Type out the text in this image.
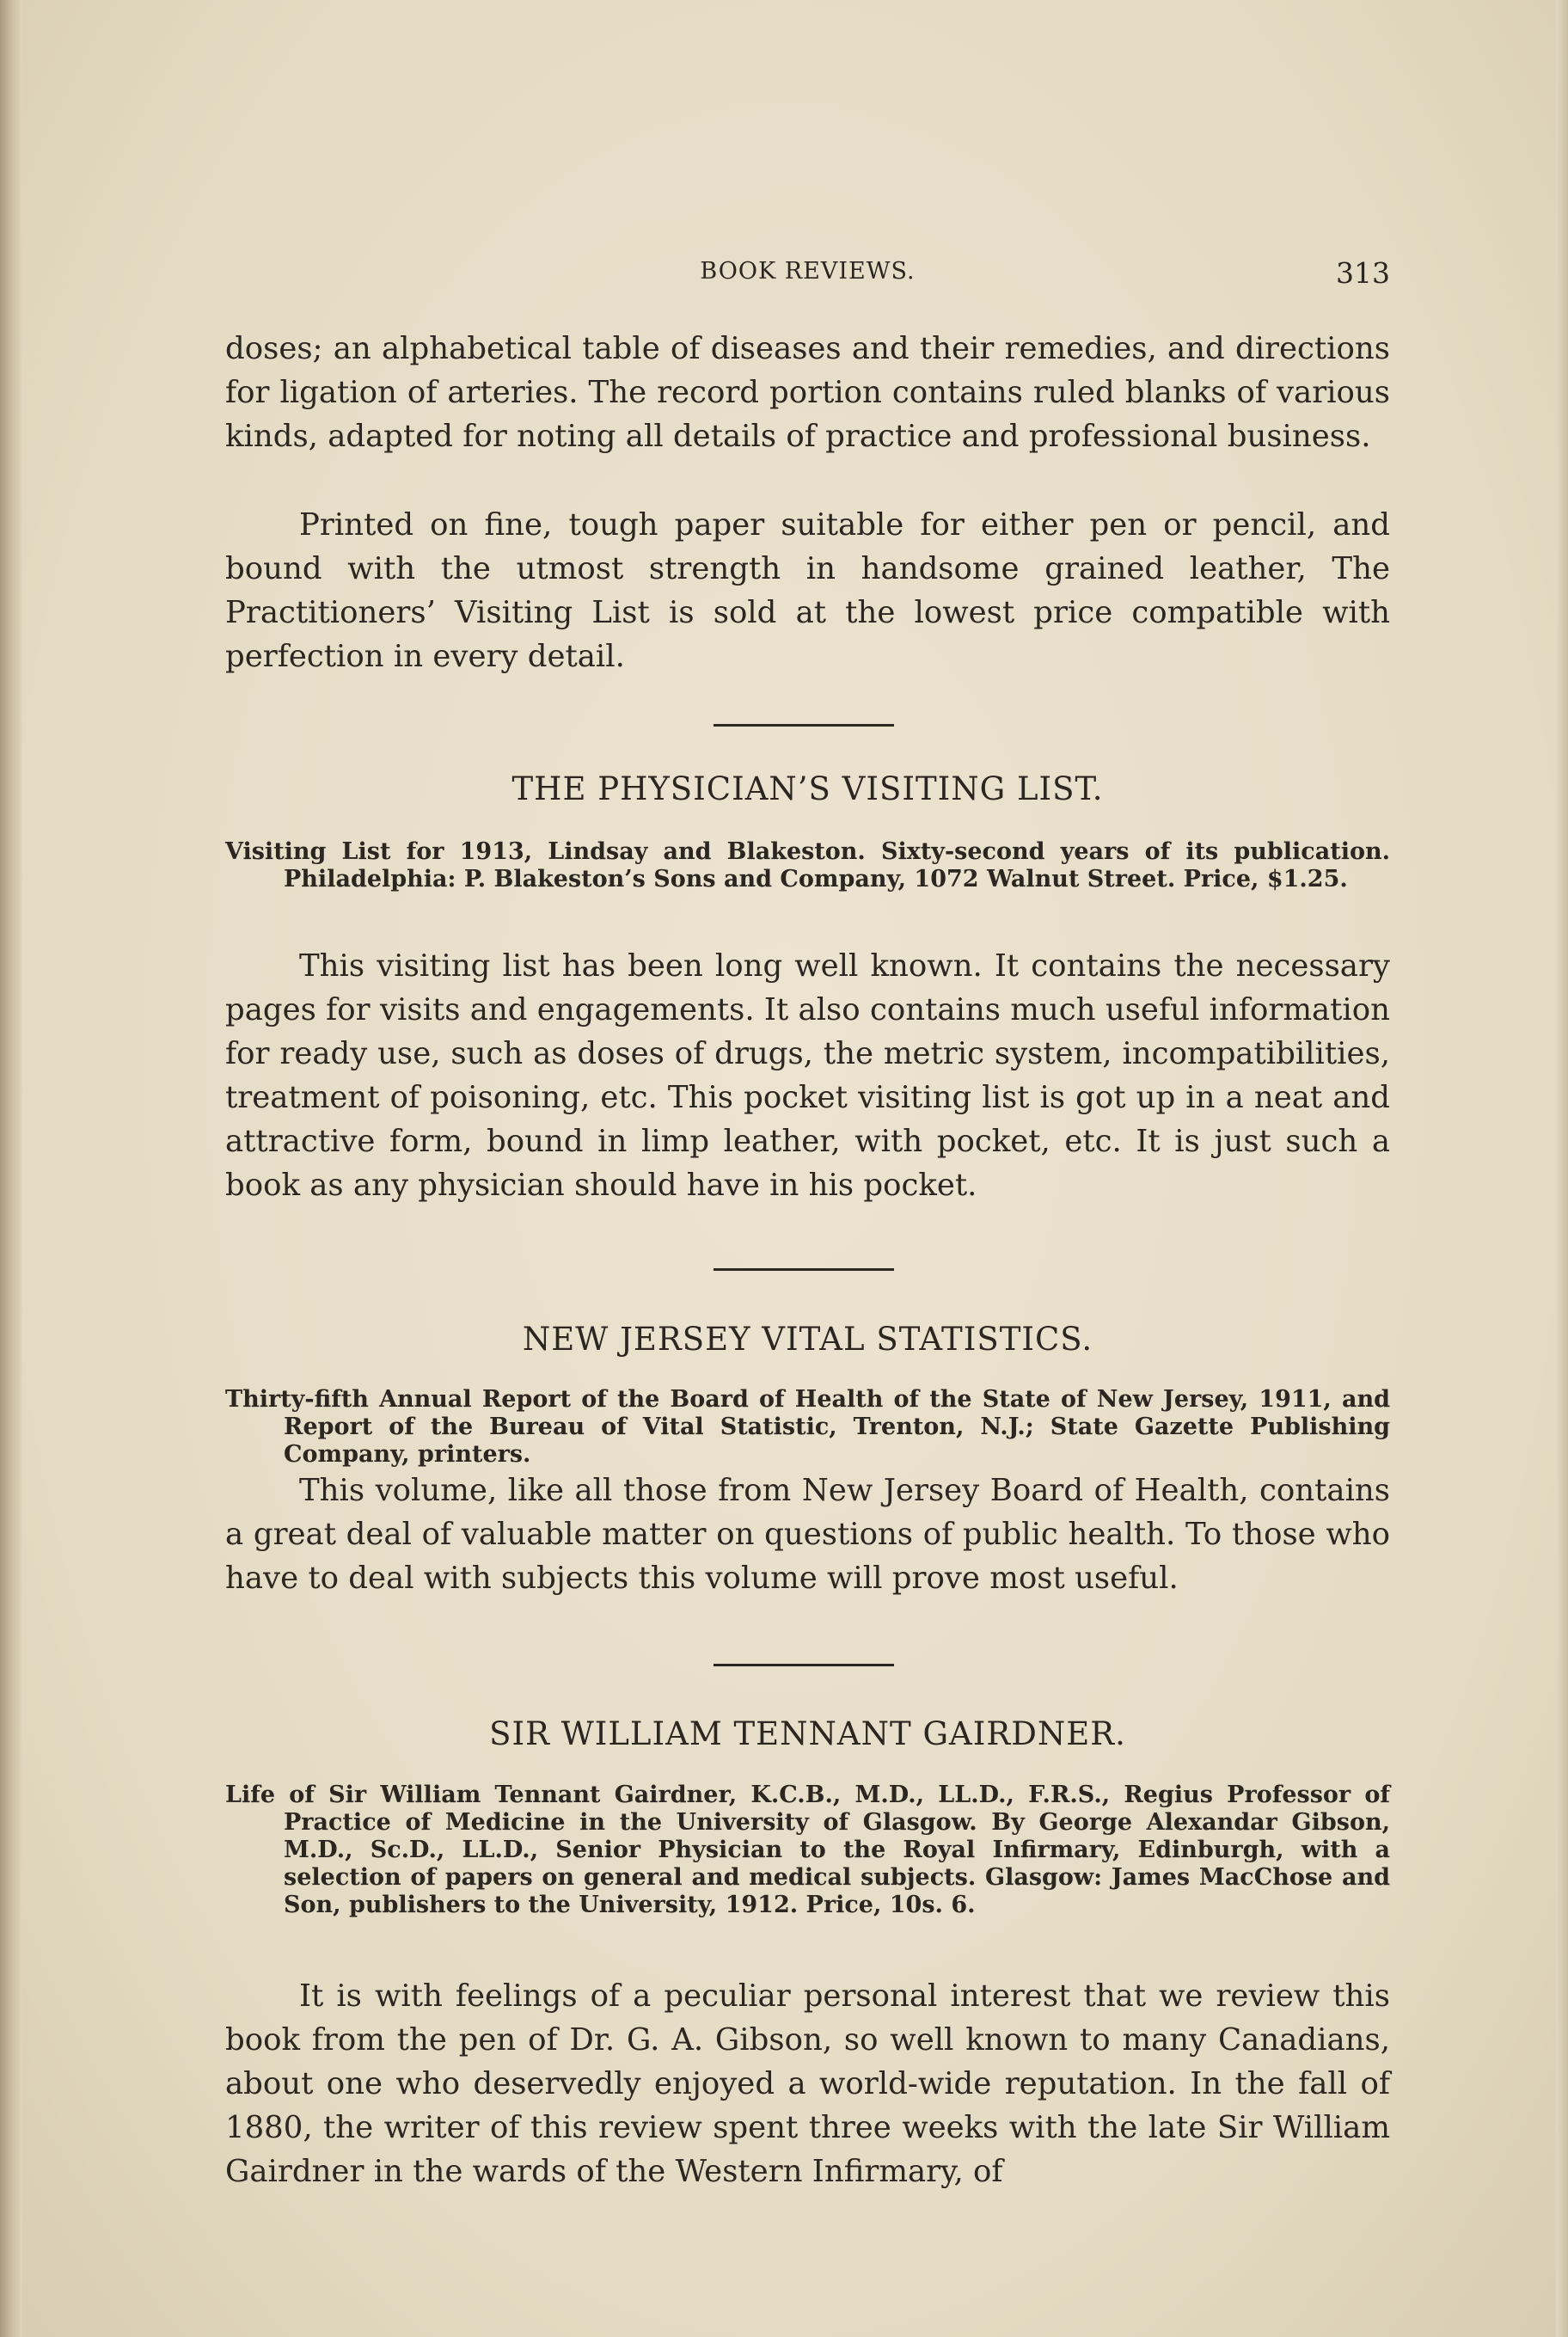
BOOK REVIEWS.	313

doses; an alphabetical table of diseases and their remedies, and directions for ligation of arteries. The record portion contains ruled blanks of various kinds, adapted for noting all details of practice and professional business.

Printed on fine, tough paper suitable for either pen or pencil, and bound with the utmost strength in handsome grained leather, The Practitioners’ Visiting List is sold at the lowest price compatible with perfection in every detail.

THE PHYSICIAN’S VISITING LIST.

Visiting List for 1913, Lindsay and Blakeston. Sixty-second years of its publication. Philadelphia: P. Blakeston’s Sons and Company, 1072 Walnut Street. Price, $1.25.

This visiting list has been long well known. It contains the necessary pages for visits and engagements. It also contains much useful information for ready use, such as doses of drugs, the metric system, incompatibilities, treatment of poisoning, etc. This pocket visiting list is got up in a neat and attractive form, bound in limp leather, with pocket, etc. It is just such a book as any physician should have in his pocket.

NEW JERSEY VITAL STATISTICS.

Thirty-fifth Annual Report of the Board of Health of the State of New Jersey, 1911, and Report of the Bureau of Vital Statistic, Trenton, N.J.; State Gazette Publishing Company, printers.

This volume, like all those from New Jersey Board of Health, contains a great deal of valuable matter on questions of public health. To those who have to deal with subjects this volume will prove most useful.

SIR WILLIAM TENNANT GAIRDNER.

Life of Sir William Tennant Gairdner, K.C.B., M.D., LL.D., F.R.S., Regius Professor of Practice of Medicine in the University of Glasgow. By George Alexandar Gibson, M.D., Sc.D., LL.D., Senior Physician to the Royal Infirmary, Edinburgh, with a selection of papers on general and medical subjects. Glasgow: James MacChose and Son, publishers to the University, 1912. Price, 10s. 6.

It is with feelings of a peculiar personal interest that we review this book from the pen of Dr. G. A. Gibson, so well known to many Canadians, about one who deservedly enjoyed a world-wide reputation. In the fall of 1880, the writer of this review spent three weeks with the late Sir William Gairdner in the wards of the Western Infirmary, of
